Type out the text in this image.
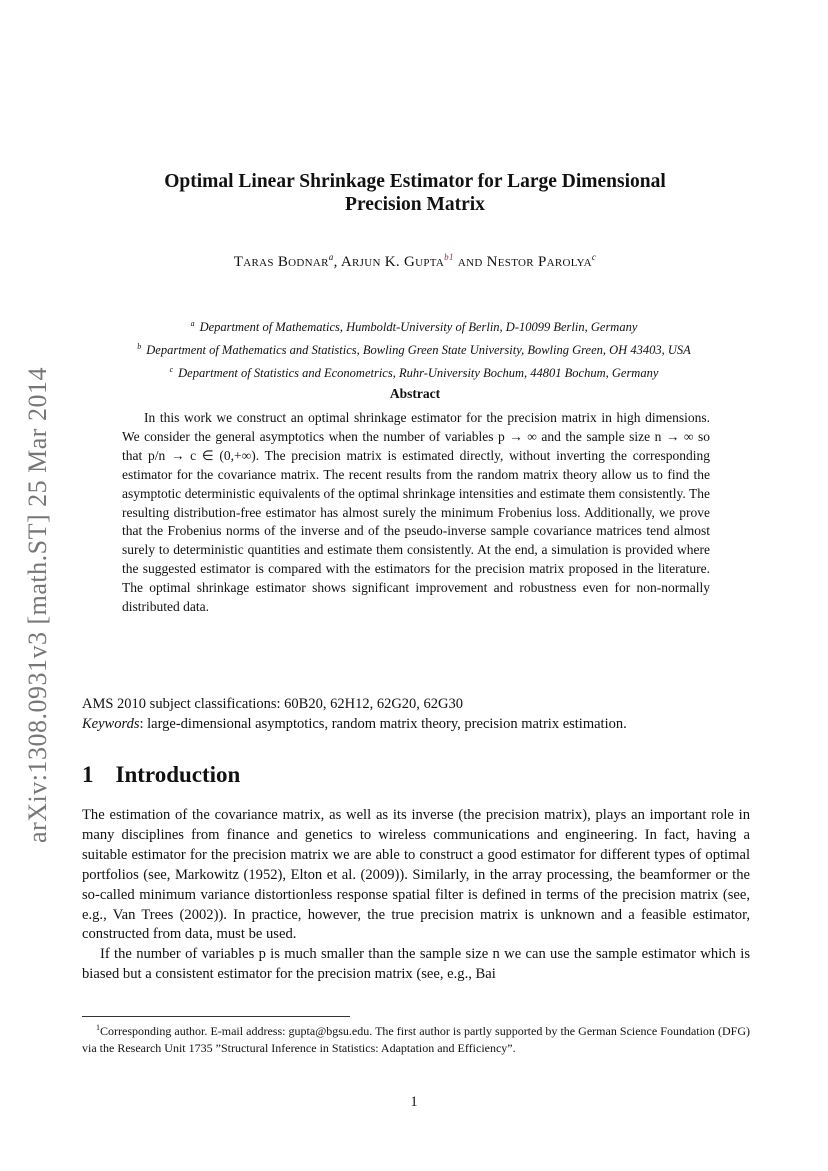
arXiv:1308.0931v3 [math.ST] 25 Mar 2014
Optimal Linear Shrinkage Estimator for Large Dimensional
Precision Matrix
Taras Bodnar$^a$, Arjun K. Gupta$^{b1}$ and Nestor Parolya$^c$
$^a$ Department of Mathematics, Humboldt-University of Berlin, D-10099 Berlin, Germany
$^b$ Department of Mathematics and Statistics, Bowling Green State University, Bowling Green, OH 43403, USA
$^c$ Department of Statistics and Econometrics, Ruhr-University Bochum, 44801 Bochum, Germany
Abstract
In this work we construct an optimal shrinkage estimator for the precision matrix in high dimensions. We consider the general asymptotics when the number of variables p → ∞ and the sample size n → ∞ so that p/n → c ∈ (0,+∞). The precision matrix is estimated directly, without inverting the corresponding estimator for the covariance matrix. The recent results from the random matrix theory allow us to find the asymptotic deterministic equivalents of the optimal shrinkage intensities and estimate them consistently. The resulting distribution-free estimator has almost surely the minimum Frobenius loss. Additionally, we prove that the Frobenius norms of the inverse and of the pseudo-inverse sample covariance matrices tend almost surely to deterministic quantities and estimate them consistently. At the end, a simulation is provided where the suggested estimator is compared with the estimators for the precision matrix proposed in the literature. The optimal shrinkage estimator shows significant improvement and robustness even for non-normally distributed data.
AMS 2010 subject classifications: 60B20, 62H12, 62G20, 62G30
Keywords: large-dimensional asymptotics, random matrix theory, precision matrix estimation.
1 Introduction

The estimation of the covariance matrix, as well as its inverse (the precision matrix), plays an important role in many disciplines from finance and genetics to wireless communications and engineering. In fact, having a suitable estimator for the precision matrix we are able to construct a good estimator for different types of optimal portfolios (see, Markowitz (1952), Elton et al. (2009)). Similarly, in the array processing, the beamformer or the so-called minimum variance distortionless response spatial filter is defined in terms of the precision matrix (see, e.g., Van Trees (2002)). In practice, however, the true precision matrix is unknown and a feasible estimator, constructed from data, must be used.

If the number of variables p is much smaller than the sample size n we can use the sample estimator which is biased but a consistent estimator for the precision matrix (see, e.g., Bai

$^1$Corresponding author. E-mail address: gupta@bgsu.edu. The first author is partly supported by the German Science Foundation (DFG) via the Research Unit 1735 ”Structural Inference in Statistics: Adaptation and Efficiency”.
1
